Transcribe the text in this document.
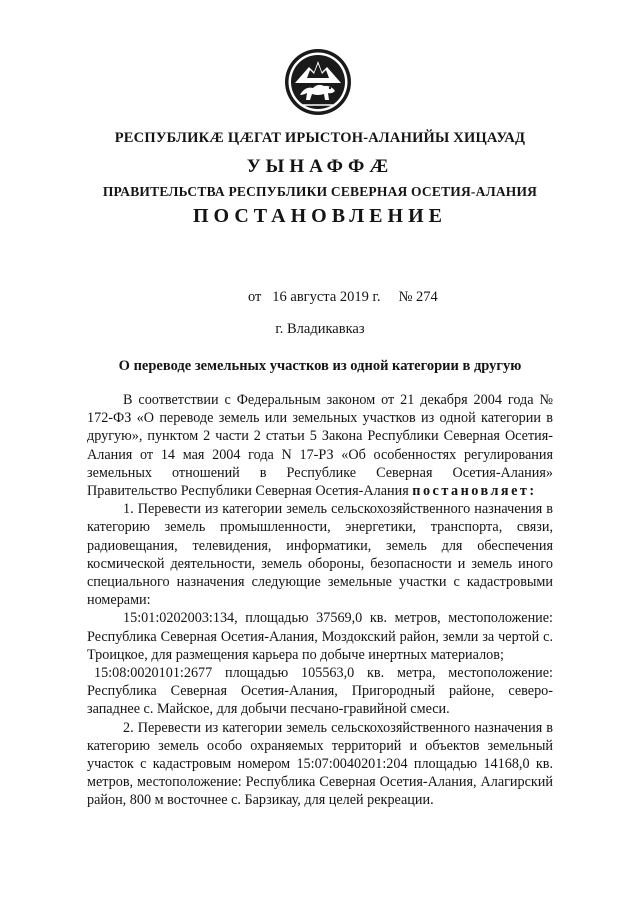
РЕСПУБЛИКÆ ЦÆГАТ ИРЫСТОН-АЛАНИЙЫ ХИЦАУАД
УЫНАФФÆ
ПРАВИТЕЛЬСТВА РЕСПУБЛИКИ СЕВЕРНАЯ ОСЕТИЯ-АЛАНИЯ
ПОСТАНОВЛЕНИЕ
от   16 августа 2019 г.     № 274
г. Владикавказ
О переводе земельных участков из одной категории в другую

В соответствии с Федеральным законом от 21 декабря 2004 года № 172-ФЗ «О переводе земель или земельных участков из одной категории в другую», пунктом 2 части 2 статьи 5 Закона Республики Северная Осетия-Алания от 14 мая 2004 года N 17-РЗ «Об особенностях регулирования земельных отношений в Республике Северная Осетия-Алания» Правительство Республики Северная Осетия-Алания постановляет:

1. Перевести из категории земель сельскохозяйственного назначения в категорию земель промышленности, энергетики, транспорта, связи, радиовещания, телевидения, информатики, земель для обеспечения космической деятельности, земель обороны, безопасности и земель иного специального назначения следующие земельные участки с кадастровыми номерами:

15:01:0202003:134, площадью 37569,0 кв. метров, местоположение: Республика Северная Осетия-Алания, Моздокский район, земли за чертой с. Троицкое, для размещения карьера по добыче инертных материалов;

15:08:0020101:2677 площадью 105563,0 кв. метра, местоположение: Республика Северная Осетия-Алания, Пригородный районе, северо-западнее с. Майское, для добычи песчано-гравийной смеси.

2. Перевести из категории земель сельскохозяйственного назначения в категорию земель особо охраняемых территорий и объектов земельный участок с кадастровым номером 15:07:0040201:204 площадью 14168,0 кв. метров, местоположение: Республика Северная Осетия-Алания, Алагирский район, 800 м восточнее с. Барзикау, для целей рекреации.
